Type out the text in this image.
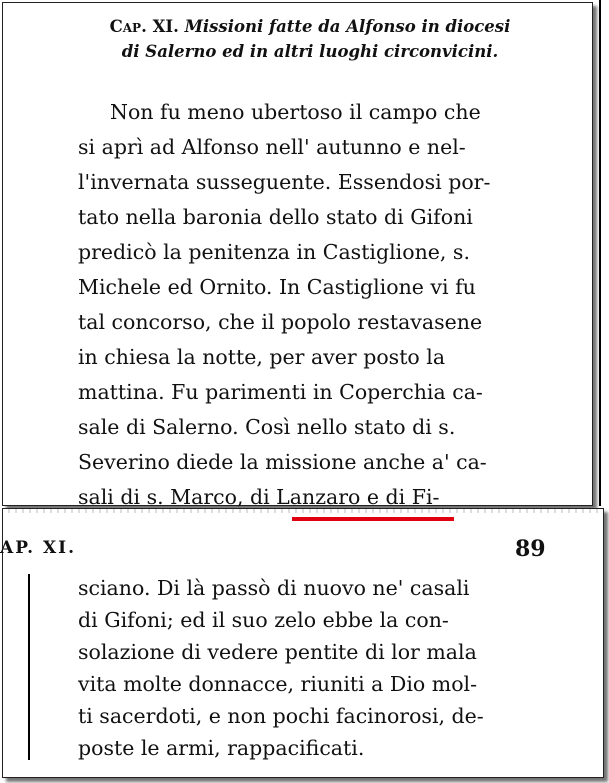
Cap. XI. Missioni fatte da Alfonso in diocesi
di Salerno ed in altri luoghi circonvicini.
Non fu meno ubertoso il campo che
si aprì ad Alfonso nell' autunno e nel-
l'invernata susseguente. Essendosi por-
tato nella baronia dello stato di Gifoni
predicò la penitenza in Castiglione, s.
Michele ed Ornito. In Castiglione vi fu
tal concorso, che il popolo restavasene
in chiesa la notte, per aver posto la
mattina. Fu parimenti in Coperchia ca-
sale di Salerno. Così nello stato di s.
Severino diede la missione anche a' ca-
sali di s. Marco, di Lanzaro e di Fi-
AP. XI.	89
sciano. Di là passò di nuovo ne' casali
di Gifoni; ed il suo zelo ebbe la con-
solazione di vedere pentite di lor mala
vita molte donnacce, riuniti a Dio mol-
ti sacerdoti, e non pochi facinorosi, de-
poste le armi, rappacificati.
